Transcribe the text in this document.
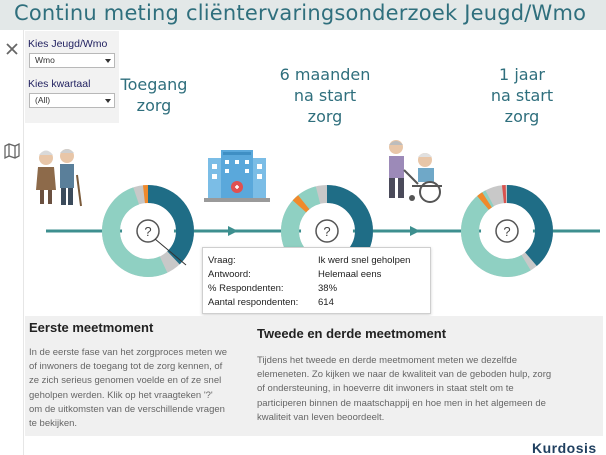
Continu meting cliëntervaringsonderzoek Jeugd/Wmo
Kies Jeugd/Wmo
Wmo
Kies kwartaal
(All)
Toegang
zorg
6 maanden
na start
zorg
1 jaar
na start
zorg
?	?	?
Vraag:	Ik werd snel geholpen
Antwoord:	Helemaal eens
% Respondenten:	38%
Aantal respondenten: 614
Eerste meetmoment
In de eerste fase van het zorgproces meten we
of inwoners de toegang tot de zorg kennen, of
ze zich serieus genomen voelde en of ze snel
geholpen werden. Klik op het vraagteken '?'
om de uitkomsten van de verschillende vragen
te bekijken.
Tweede en derde meetmoment
Tijdens het tweede en derde meetmoment meten we dezelfde
elemeneten. Zo kijken we naar de kwaliteit van de geboden hulp, zorg
of ondersteuning, in hoeverre dit inwoners in staat stelt om te
participeren binnen de maatschappij en hoe men in het algemeen de
kwaliteit van leven beoordeelt.
Kurdosis
